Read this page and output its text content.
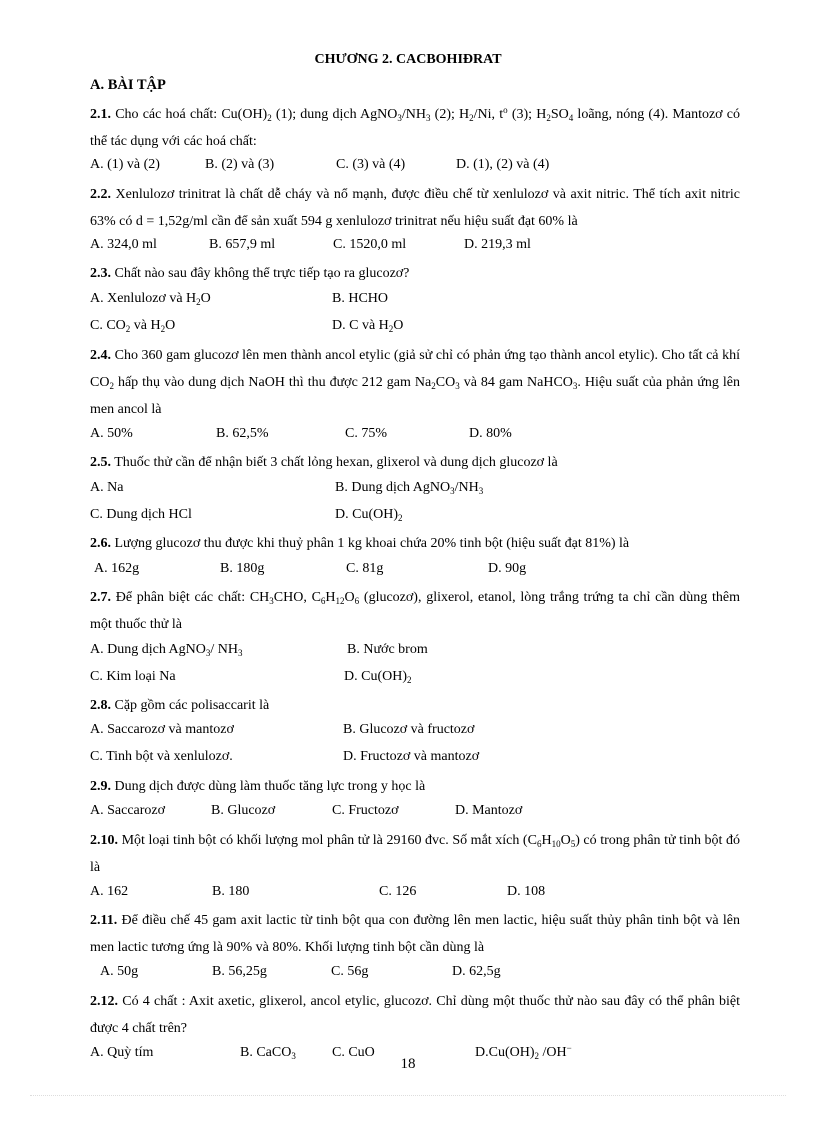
CHƯƠNG 2. CACBOHIĐRAT
A. BÀI TẬP
2.1. Cho các hoá chất: $Cu(OH)_2$ (1); dung dịch $AgNO_3/NH_3$ (2); $H_2/Ni$, $t^o$ (3); $H_2SO_4$ loãng, nóng (4). Mantozơ có thể tác dụng với các hoá chất:
A. (1) và (2)	B. (2) và (3)	C. (3) và (4)	D. (1), (2) và (4)
2.2. Xenlulozơ trinitrat là chất dễ cháy và nổ mạnh, được điều chế từ xenlulozơ và axit nitric. Thể tích axit nitric 63% có d = 1,52g/ml cần để sản xuất 594 g xenlulozơ trinitrat nếu hiệu suất đạt 60% là
A. 324,0 ml	B. 657,9 ml	C. 1520,0 ml	D. 219,3 ml
2.3. Chất nào sau đây không thể trực tiếp tạo ra glucozơ?
A. Xenlulozơ và $H_2O$	B. HCHO
C. $CO_2$ và $H_2O$	D. C và $H_2O$
2.4. Cho 360 gam glucozơ lên men thành ancol etylic (giả sử chỉ có phản ứng tạo thành ancol etylic). Cho tất cả khí $CO_2$ hấp thụ vào dung dịch NaOH thì thu được 212 gam $Na_2CO_3$ và 84 gam NaHCO$_3$. Hiệu suất của phản ứng lên men ancol là
A. 50%	B. 62,5%	C. 75%	D. 80%
2.5. Thuốc thử cần để nhận biết 3 chất lỏng hexan, glixerol và dung dịch glucozơ là
A. Na	B. Dung dịch $AgNO_3/NH_3$
C. Dung dịch HCl	D. $Cu(OH)_2$
2.6. Lượng glucozơ thu được khi thuỷ phân 1 kg khoai chứa 20% tinh bột (hiệu suất đạt 81%) là
A. 162g	B. 180g	C. 81g	D. 90g
2.7. Để phân biệt các chất: $CH_3CHO$, $C_6H_{12}O_6$ (glucozơ), glixerol, etanol, lòng trắng trứng ta chỉ cần dùng thêm một thuốc thử là
A. Dung dịch AgNO$_3$/ $NH_3$	B. Nước brom
C. Kim loại Na	D. $Cu(OH)_2$
2.8. Cặp gồm các polisaccarit là
A. Saccarozơ và mantozơ	B. Glucozơ và fructozơ
C. Tinh bột và xenlulozơ.	D. Fructozơ và mantozơ
2.9. Dung dịch được dùng làm thuốc tăng lực trong y học là
A. Saccarozơ	B. Glucozơ	C. Fructozơ	D. Mantozơ
2.10. Một loại tinh bột có khối lượng mol phân tử là 29160 đvc. Số mắt xích $(C_6H_{10}O_5)$ có trong phân tử tinh bột đó là
A. 162	B. 180	C. 126	D. 108
2.11. Để điều chế 45 gam axit lactic từ tinh bột qua con đường lên men lactic, hiệu suất thủy phân tinh bột và lên men lactic tương ứng là 90% và 80%. Khối lượng tinh bột cần dùng là
A. 50g	B. 56,25g	C. 56g	D. 62,5g
2.12. Có 4 chất : Axit axetic, glixerol, ancol etylic, glucozơ. Chỉ dùng một thuốc thử nào sau đây có thể phân biệt được 4 chất trên?
A. Quỳ tím	B. CaCO$_3$	C. CuO	$D.Cu(OH)_2$ /OH−
18
